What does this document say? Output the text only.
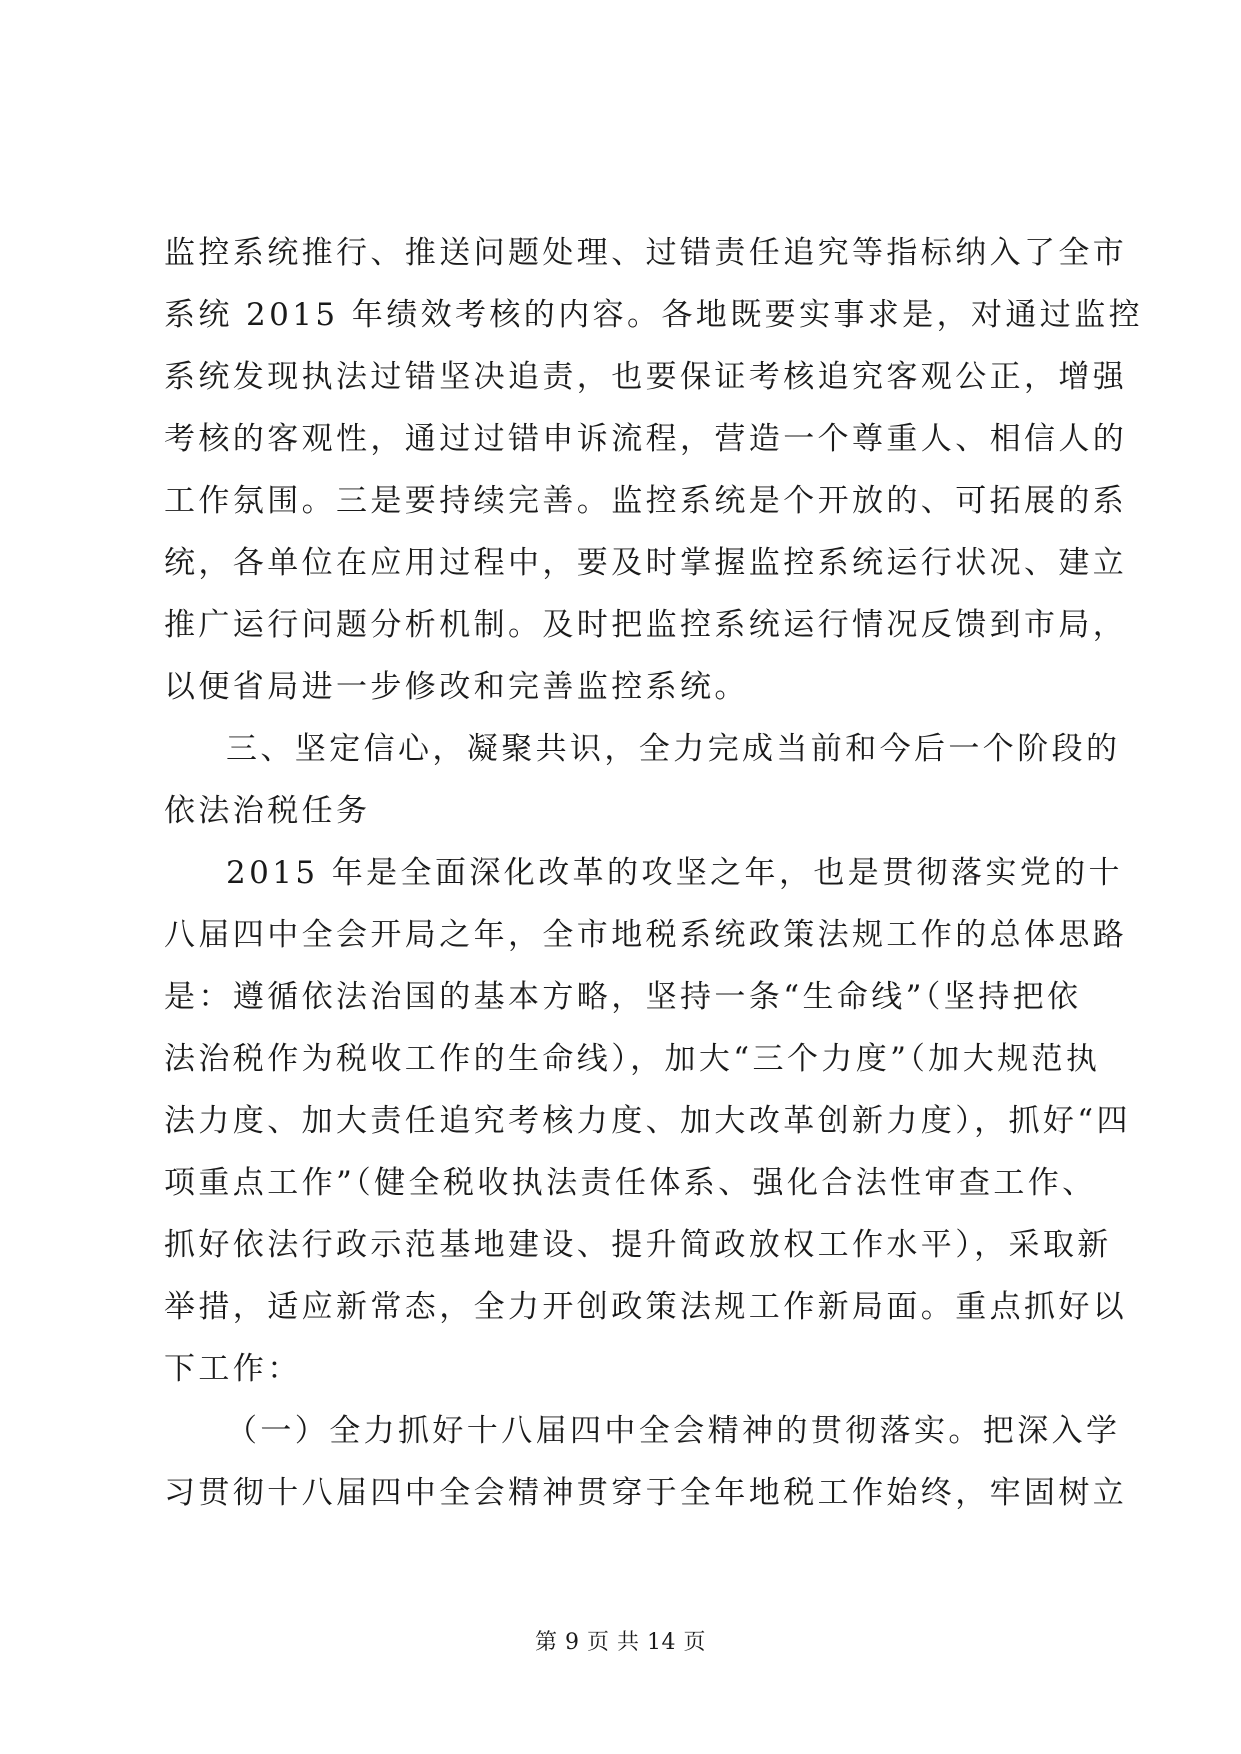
监控系统推行、推送问题处理、过错责任追究等指标纳入了全市
系统 2015 年绩效考核的内容。各地既要实事求是，对通过监控
系统发现执法过错坚决追责，也要保证考核追究客观公正，增强
考核的客观性，通过过错申诉流程，营造一个尊重人、相信人的
工作氛围。三是要持续完善。监控系统是个开放的、可拓展的系
统，各单位在应用过程中，要及时掌握监控系统运行状况、建立
推广运行问题分析机制。及时把监控系统运行情况反馈到市局，
以便省局进一步修改和完善监控系统。
三、坚定信心，凝聚共识，全力完成当前和今后一个阶段的
依法治税任务
2015 年是全面深化改革的攻坚之年，也是贯彻落实党的十
八届四中全会开局之年，全市地税系统政策法规工作的总体思路
是：遵循依法治国的基本方略，坚持一条“生命线”（坚持把依
法治税作为税收工作的生命线），加大“三个力度”（加大规范执
法力度、加大责任追究考核力度、加大改革创新力度），抓好“四
项重点工作”（健全税收执法责任体系、强化合法性审查工作、
抓好依法行政示范基地建设、提升简政放权工作水平），采取新
举措，适应新常态，全力开创政策法规工作新局面。重点抓好以
下工作：
（一）全力抓好十八届四中全会精神的贯彻落实。把深入学
习贯彻十八届四中全会精神贯穿于全年地税工作始终，牢固树立
第 9 页 共 14 页
